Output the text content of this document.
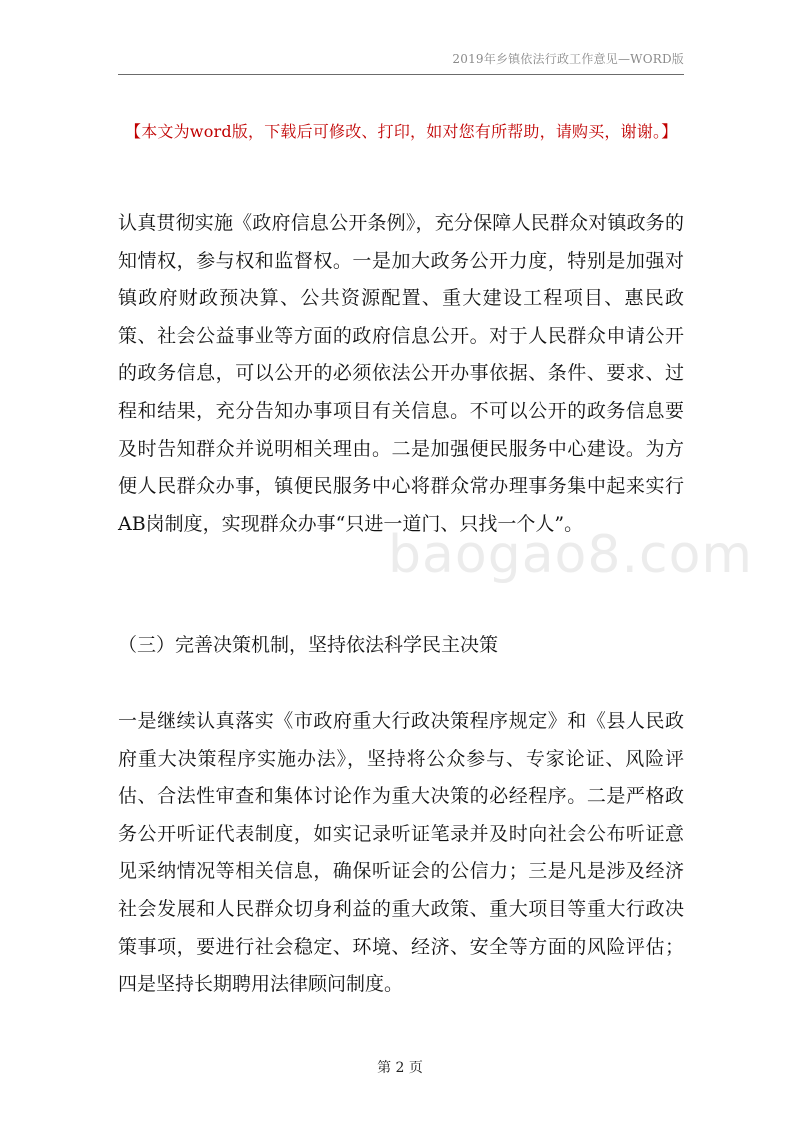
2019年乡镇依法行政工作意见—WORD版
【本文为word版，下载后可修改、打印，如对您有所帮助，请购买，谢谢。】

认真贯彻实施《政府信息公开条例》，充分保障人民群众对镇政务的知情权，参与权和监督权。一是加大政务公开力度，特别是加强对镇政府财政预决算、公共资源配置、重大建设工程项目、惠民政策、社会公益事业等方面的政府信息公开。对于人民群众申请公开的政务信息，可以公开的必须依法公开办事依据、条件、要求、过程和结果，充分告知办事项目有关信息。不可以公开的政务信息要及时告知群众并说明相关理由。二是加强便民服务中心建设。为方便人民群众办事，镇便民服务中心将群众常办理事务集中起来实行AB岗制度，实现群众办事“只进一道门、只找一个人”。

baogao8.com

（三）完善决策机制，坚持依法科学民主决策

一是继续认真落实《市政府重大行政决策程序规定》和《县人民政府重大决策程序实施办法》，坚持将公众参与、专家论证、风险评估、合法性审查和集体讨论作为重大决策的必经程序。二是严格政务公开听证代表制度，如实记录听证笔录并及时向社会公布听证意见采纳情况等相关信息，确保听证会的公信力；三是凡是涉及经济社会发展和人民群众切身利益的重大政策、重大项目等重大行政决策事项，要进行社会稳定、环境、经济、安全等方面的风险评估；四是坚持长期聘用法律顾问制度。

第 2 页
